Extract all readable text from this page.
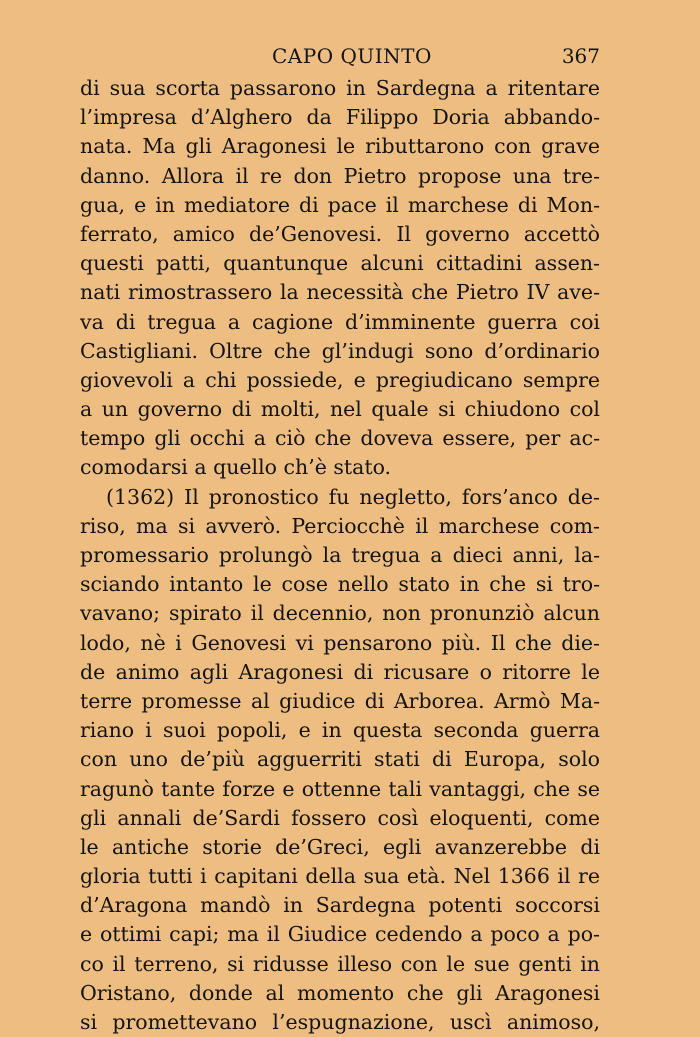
CAPO QUINTO	367
di sua scorta passarono in Sardegna a ritentare
l’impresa d’Alghero da Filippo Doria abbando-
nata. Ma gli Aragonesi le ributtarono con grave
danno. Allora il re don Pietro propose una tre-
gua, e in mediatore di pace il marchese di Mon-
ferrato, amico de’Genovesi. Il governo accettò
questi patti, quantunque alcuni cittadini assen-
nati rimostrassero la necessità che Pietro IV ave-
va di tregua a cagione d’imminente guerra coi
Castigliani. Oltre che gl’indugi sono d’ordinario
giovevoli a chi possiede, e pregiudicano sempre
a un governo di molti, nel quale si chiudono col
tempo gli occhi a ciò che doveva essere, per ac-
comodarsi a quello ch’è stato.
(1362) Il pronostico fu negletto, fors’anco de-
riso, ma si avverò. Perciocchè il marchese com-
promessario prolungò la tregua a dieci anni, la-
sciando intanto le cose nello stato in che si tro-
vavano; spirato il decennio, non pronunziò alcun
lodo, nè i Genovesi vi pensarono più. Il che die-
de animo agli Aragonesi di ricusare o ritorre le
terre promesse al giudice di Arborea. Armò Ma-
riano i suoi popoli, e in questa seconda guerra
con uno de’più agguerriti stati di Europa, solo
ragunò tante forze e ottenne tali vantaggi, che se
gli annali de’Sardi fossero così eloquenti, come
le antiche storie de’Greci, egli avanzerebbe di
gloria tutti i capitani della sua età. Nel 1366 il re
d’Aragona mandò in Sardegna potenti soccorsi
e ottimi capi; ma il Giudice cedendo a poco a po-
co il terreno, si ridusse illeso con le sue genti in
Oristano, donde al momento che gli Aragonesi
si promettevano l’espugnazione, uscì animoso,
